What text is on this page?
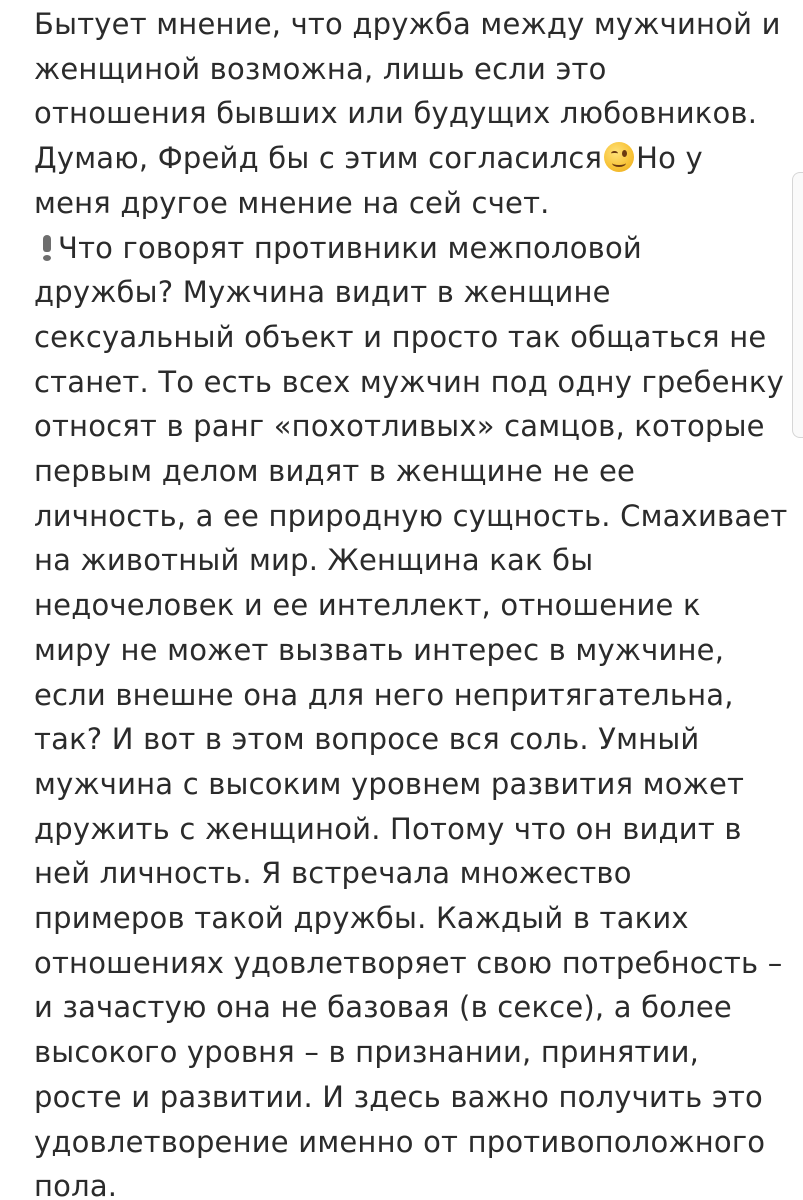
Бытует мнение, что дружба между мужчиной и
женщиной возможна, лишь если это
отношения бывших или будущих любовников.
Думаю, Фрейд бы с этим согласился Но у
меня другое мнение на сей счет.
Что говорят противники межполовой
дружбы? Мужчина видит в женщине
сексуальный объект и просто так общаться не
станет. То есть всех мужчин под одну гребенку
относят в ранг «похотливых» самцов, которые
первым делом видят в женщине не ее
личность, а ее природную сущность. Смахивает
на животный мир. Женщина как бы
недочеловек и ее интеллект, отношение к
миру не может вызвать интерес в мужчине,
если внешне она для него непритягательна,
так? И вот в этом вопросе вся соль. Умный
мужчина с высоким уровнем развития может
дружить с женщиной. Потому что он видит в
ней личность. Я встречала множество
примеров такой дружбы. Каждый в таких
отношениях удовлетворяет свою потребность –
и зачастую она не базовая (в сексе), а более
высокого уровня – в признании, принятии,
росте и развитии. И здесь важно получить это
удовлетворение именно от противоположного
пола.
